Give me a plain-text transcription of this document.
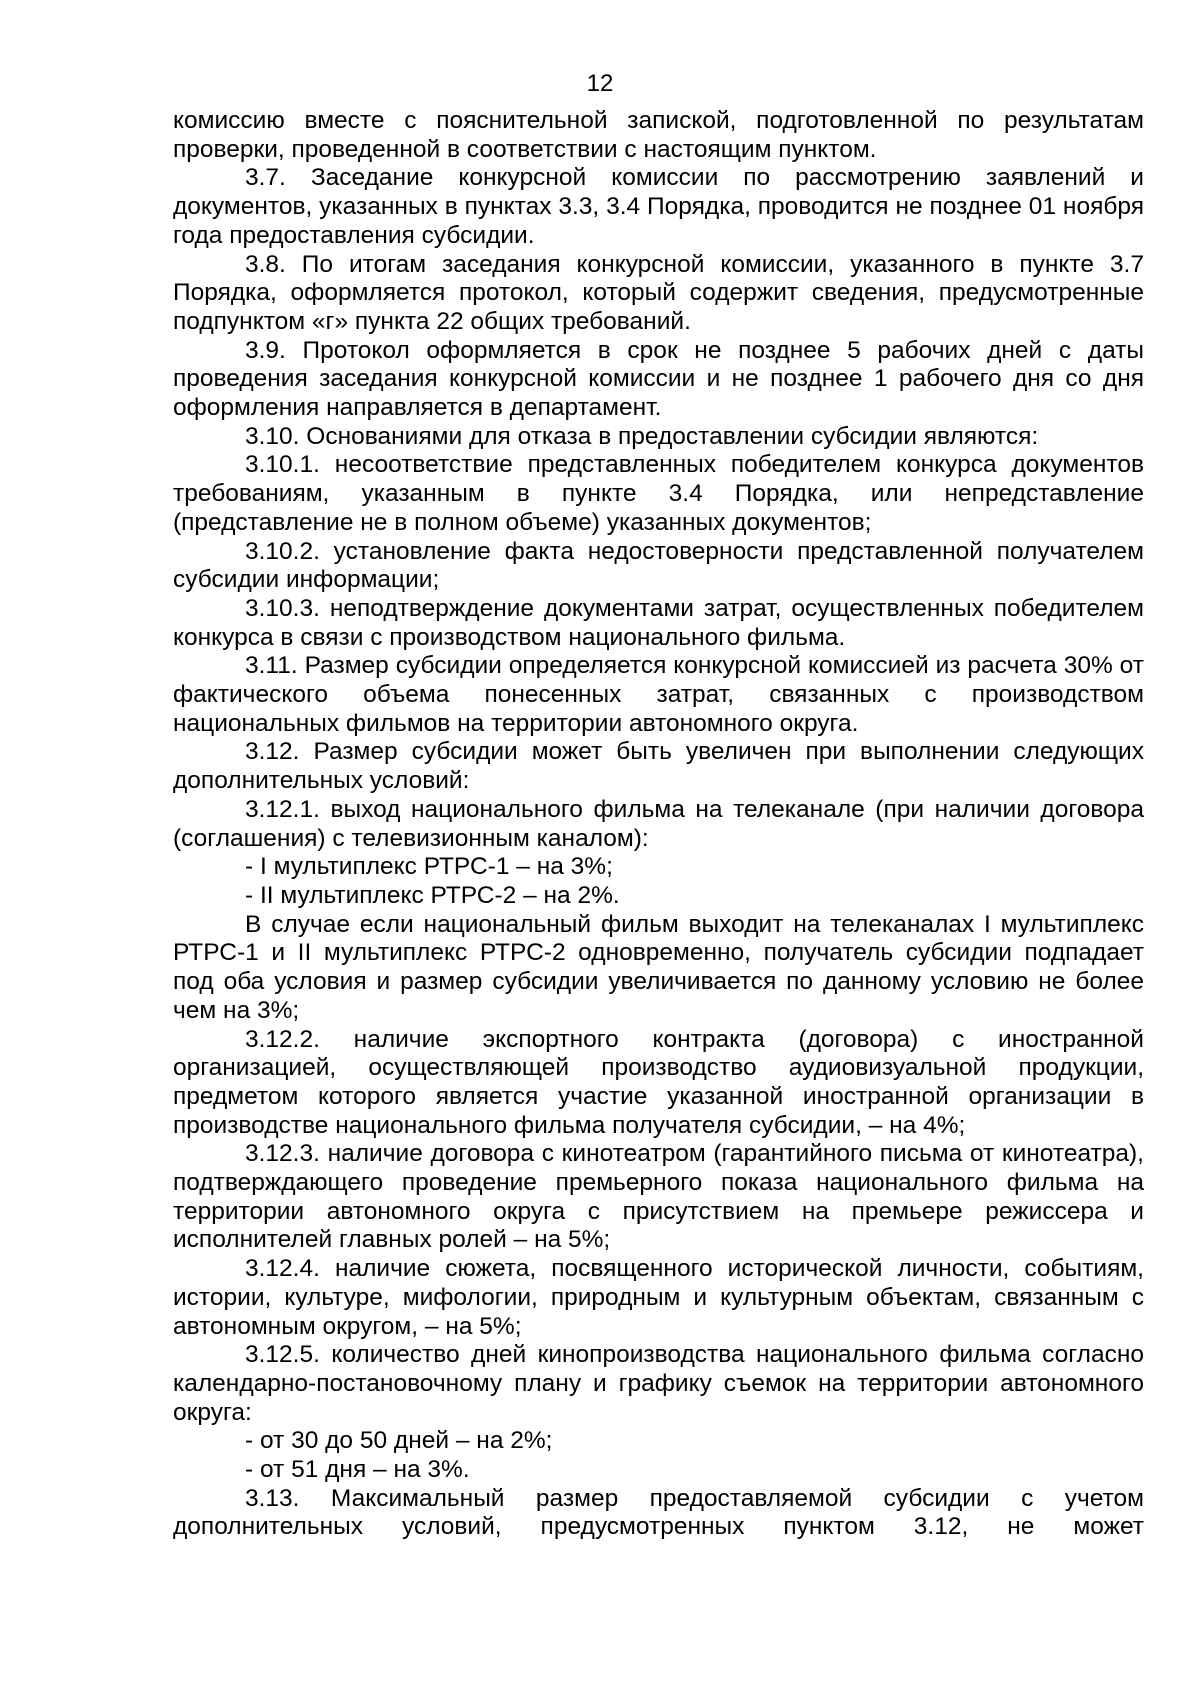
12

комиссию вместе с пояснительной запиской, подготовленной по результатам проверки, проведенной в соответствии с настоящим пунктом.

3.7. Заседание конкурсной комиссии по рассмотрению заявлений и документов, указанных в пунктах 3.3, 3.4 Порядка, проводится не позднее 01 ноября года предоставления субсидии.

3.8. По итогам заседания конкурсной комиссии, указанного в пункте 3.7 Порядка, оформляется протокол, который содержит сведения, предусмотренные подпунктом «г» пункта 22 общих требований.

3.9. Протокол оформляется в срок не позднее 5 рабочих дней с даты проведения заседания конкурсной комиссии и не позднее 1 рабочего дня со дня оформления направляется в департамент.

3.10. Основаниями для отказа в предоставлении субсидии являются:

3.10.1. несоответствие представленных победителем конкурса документов требованиям, указанным в пункте 3.4 Порядка, или непредставление (представление не в полном объеме) указанных документов;

3.10.2. установление факта недостоверности представленной получателем субсидии информации;

3.10.3. неподтверждение документами затрат, осуществленных победителем конкурса в связи с производством национального фильма.

3.11. Размер субсидии определяется конкурсной комиссией из расчета 30% от фактического объема понесенных затрат, связанных с производством национальных фильмов на территории автономного округа.

3.12. Размер субсидии может быть увеличен при выполнении следующих дополнительных условий:

3.12.1. выход национального фильма на телеканале (при наличии договора (соглашения) с телевизионным каналом):

- I мультиплекс РТРС-1 – на 3%;

- II мультиплекс РТРС-2 – на 2%.

В случае если национальный фильм выходит на телеканалах I мультиплекс РТРС-1 и II мультиплекс РТРС-2 одновременно, получатель субсидии подпадает под оба условия и размер субсидии увеличивается по данному условию не более чем на 3%;

3.12.2. наличие экспортного контракта (договора) с иностранной организацией, осуществляющей производство аудиовизуальной продукции, предметом которого является участие указанной иностранной организации в производстве национального фильма получателя субсидии, – на 4%;

3.12.3. наличие договора с кинотеатром (гарантийного письма от кинотеатра), подтверждающего проведение премьерного показа национального фильма на территории автономного округа с присутствием на премьере режиссера и исполнителей главных ролей – на 5%;

3.12.4. наличие сюжета, посвященного исторической личности, событиям, истории, культуре, мифологии, природным и культурным объектам, связанным с автономным округом, – на 5%;

3.12.5. количество дней кинопроизводства национального фильма согласно календарно-постановочному плану и графику съемок на территории автономного округа:

- от 30 до 50 дней – на 2%;

- от 51 дня – на 3%.

3.13. Максимальный размер предоставляемой субсидии с учетом дополнительных условий, предусмотренных пунктом 3.12, не может
